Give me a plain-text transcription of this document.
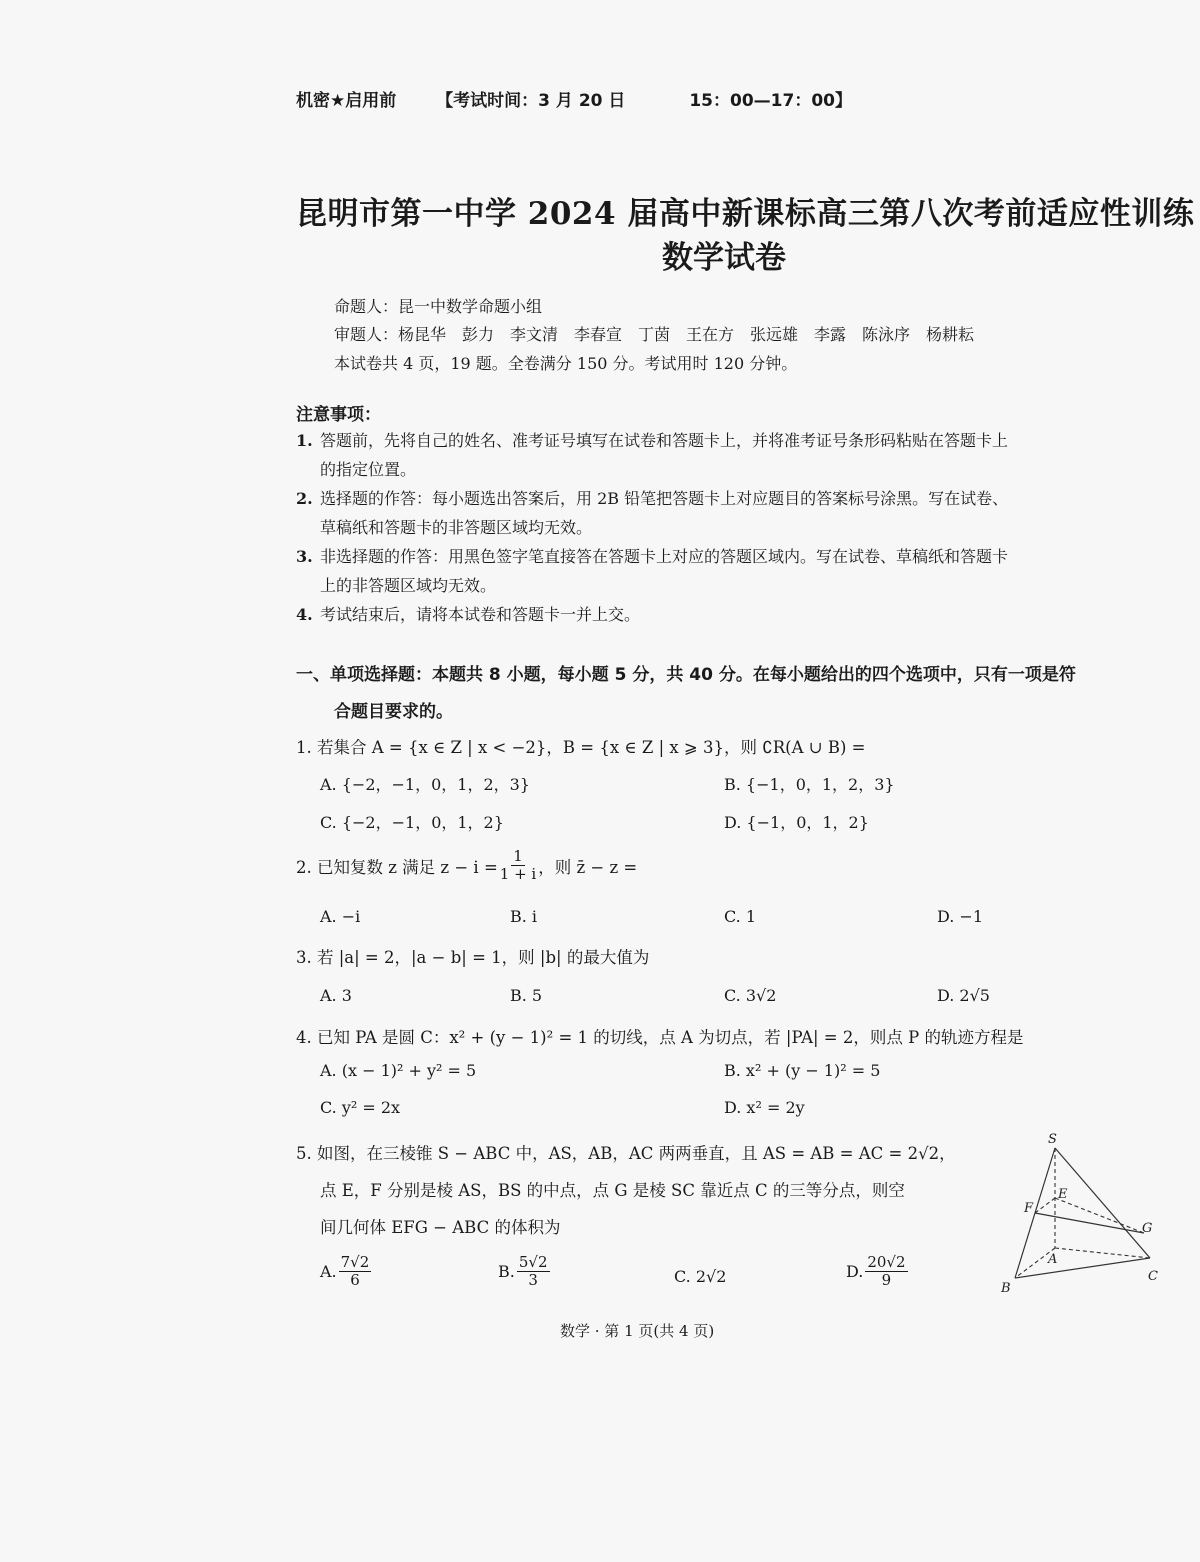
机密★启用前 【考试时间：3 月 20 日	15：00—17：00】
昆明市第一中学 2024 届高中新课标高三第八次考前适应性训练
数学试卷
命题人：昆一中数学命题小组
审题人：杨昆华　彭力　李文清　李春宣　丁茵　王在方　张远雄　李露　陈泳序　杨耕耘
本试卷共 4 页，19 题。全卷满分 150 分。考试用时 120 分钟。
注意事项：
1. 答题前，先将自己的姓名、准考证号填写在试卷和答题卡上，并将准考证号条形码粘贴在答题卡上
的指定位置。
2. 选择题的作答：每小题选出答案后，用 2B 铅笔把答题卡上对应题目的答案标号涂黑。写在试卷、
草稿纸和答题卡的非答题区域均无效。
3. 非选择题的作答：用黑色签字笔直接答在答题卡上对应的答题区域内。写在试卷、草稿纸和答题卡
上的非答题区域均无效。
4. 考试结束后，请将本试卷和答题卡一并上交。
一、单项选择题：本题共 8 小题，每小题 5 分，共 40 分。在每小题给出的四个选项中，只有一项是符
合题目要求的。
1. 若集合 A = {x ∈ Z | x < −2}，B = {x ∈ Z | x ⩾ 3}，则 ∁R(A ∪ B) =
A. {−2，−1，0，1，2，3}	B. {−1，0，1，2，3}
C. {−2，−1，0，1，2}	D. {−1，0，1，2}
2. 已知复数 z 满足 $z - i = \frac{1}{1 + i}$ ，则 z̄ − z =
A. −i	B. i	C. 1	D. −1
3. 若 |a| = 2，|a − b| = 1，则 |b| 的最大值为
A. 3	B. 5	C. 3√2	D. 2√5
4. 已知 PA 是圆 C：x² + (y − 1)² = 1 的切线，点 A 为切点，若 |PA| = 2，则点 P 的轨迹方程是
A. (x − 1)² + y² = 5	B. x² + (y − 1)² = 5
C. y² = 2x	D. x² = 2y
5. 如图，在三棱锥 S − ABC 中，AS，AB，AC 两两垂直，且 AS = AB = AC = 2√2，
点 E，F 分别是棱 AS，BS 的中点，点 G 是棱 SC 靠近点 C 的三等分点，则空
间几何体 EFG − ABC 的体积为
A. $\frac{7√2}{6}$	B. $\frac{5√2}{3}$	C. 2√2	D. $\frac{20√2}{9}$
S
E
F
G
A
B
C
数学 · 第 1 页(共 4 页)
